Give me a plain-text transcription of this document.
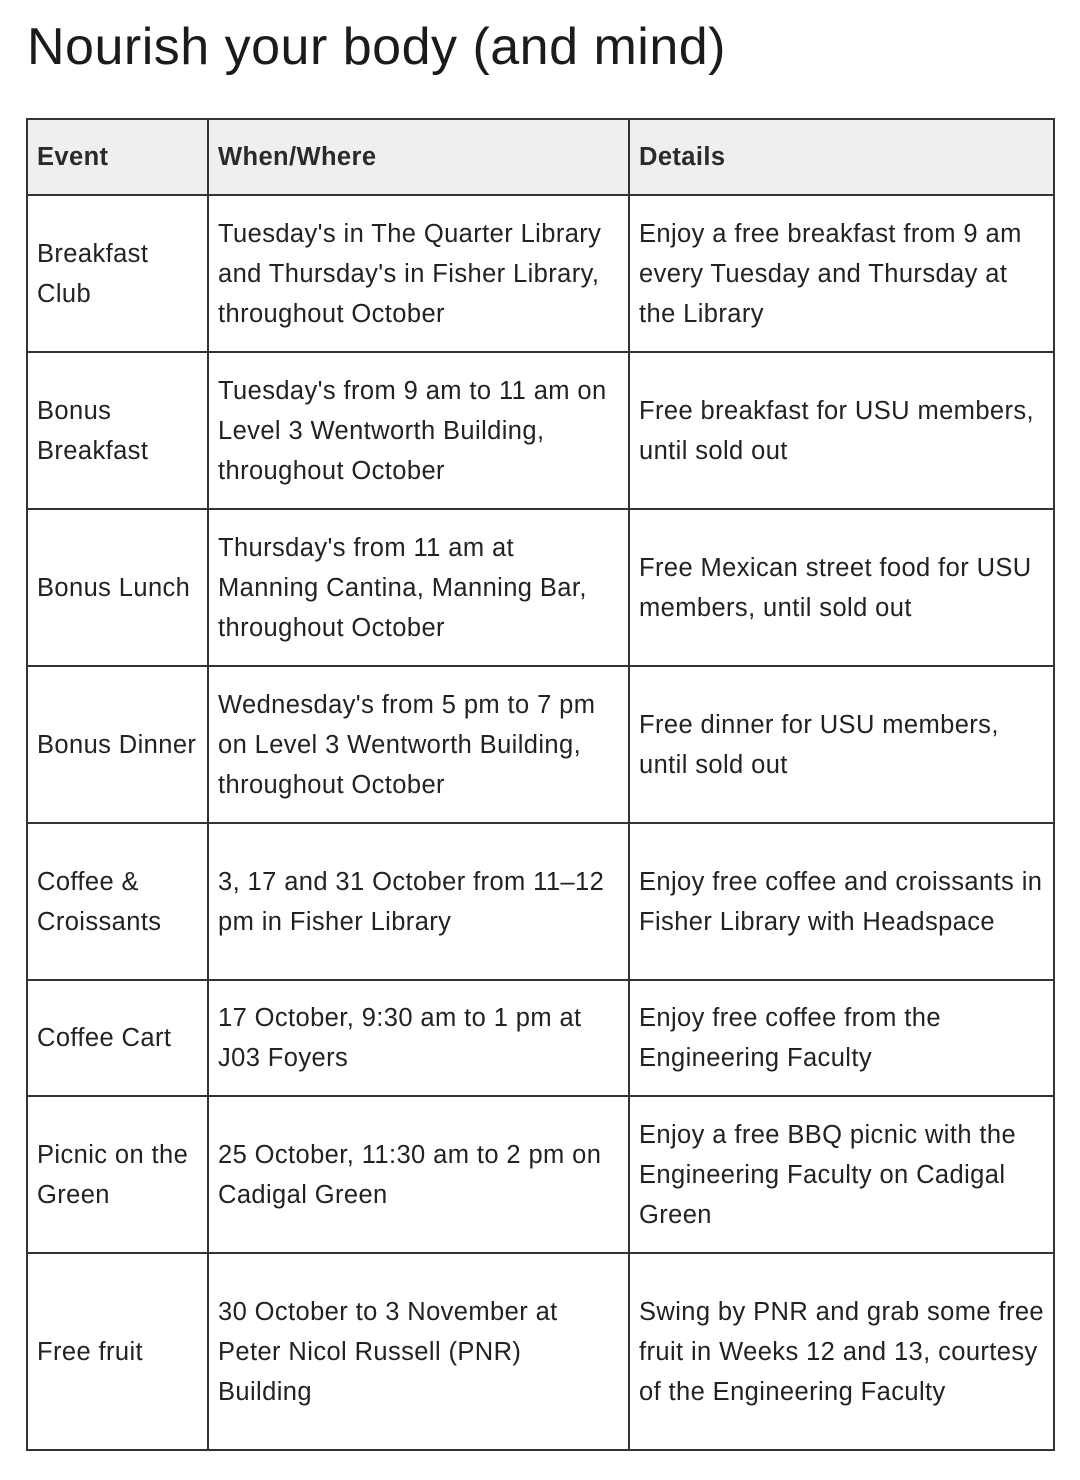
Nourish your body (and mind)
Event	When/Where	Details
Breakfast Club	Tuesday's in The Quarter Library and Thursday's in Fisher Library, throughout October	Enjoy a free breakfast from 9 am every Tuesday and Thursday at the Library
Bonus Breakfast	Tuesday's from 9 am to 11 am on Level 3 Wentworth Building, throughout October	Free breakfast for USU members, until sold out
Bonus Lunch	Thursday's from 11 am at Manning Cantina, Manning Bar, throughout October	Free Mexican street food for USU members, until sold out
Bonus Dinner	Wednesday's from 5 pm to 7 pm on Level 3 Wentworth Building, throughout October	Free dinner for USU members, until sold out
Coffee & Croissants	3, 17 and 31 October from 11–12 pm in Fisher Library	Enjoy free coffee and croissants in Fisher Library with Headspace
Coffee Cart	17 October, 9:30 am to 1 pm at J03 Foyers	Enjoy free coffee from the Engineering Faculty
Picnic on the Green	25 October, 11:30 am to 2 pm on Cadigal Green	Enjoy a free BBQ picnic with the Engineering Faculty on Cadigal Green
Free fruit	30 October to 3 November at Peter Nicol Russell (PNR) Building	Swing by PNR and grab some free fruit in Weeks 12 and 13, courtesy of the Engineering Faculty
